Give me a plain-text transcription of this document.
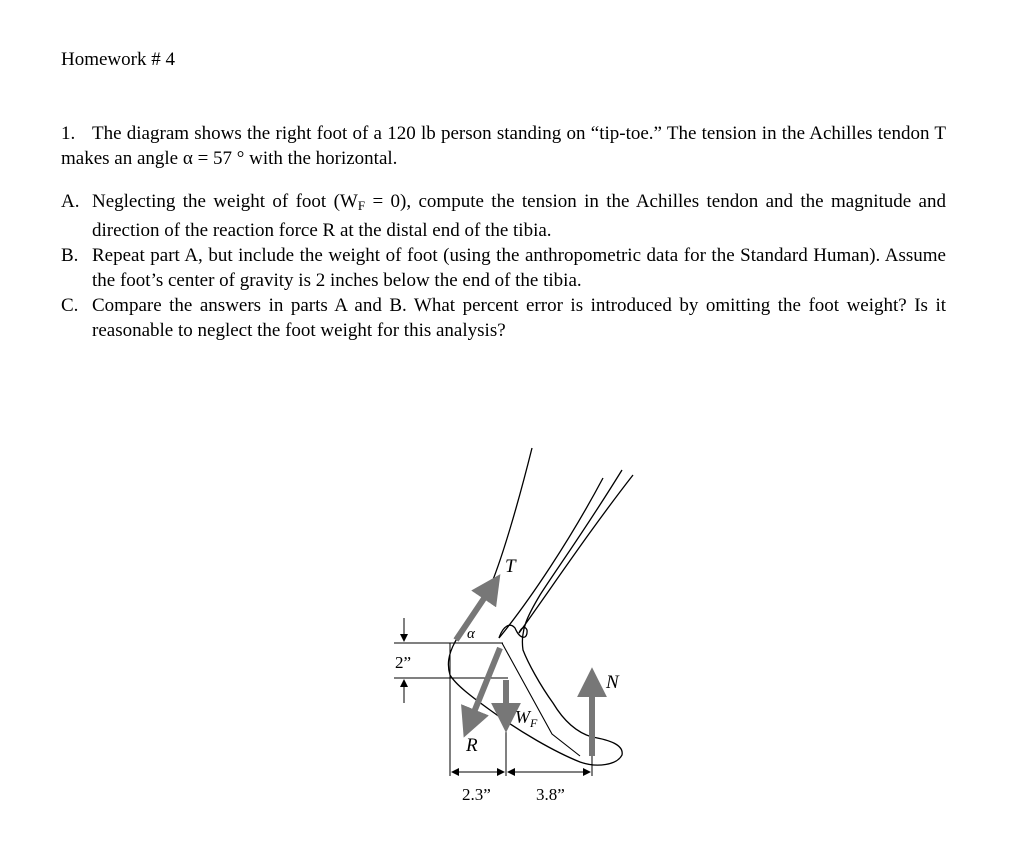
Homework # 4
1. The diagram shows the right foot of a 120 lb person standing on “tip-toe.” The tension in the Achilles tendon T makes an angle α = 57 ° with the horizontal.
A. Neglecting the weight of foot $(W_F = 0)$, compute the tension in the Achilles tendon and the magnitude and direction of the reaction force R at the distal end of the tibia.
B. Repeat part A, but include the weight of foot (using the anthropometric data for the Standard Human). Assume the foot’s center of gravity is 2 inches below the end of the tibia.
C. Compare the answers in parts A and B. What percent error is introduced by omitting the foot weight? Is it reasonable to neglect the foot weight for this analysis?
2”
2.3”	3.8”
T
α
N
R
$W_F$
